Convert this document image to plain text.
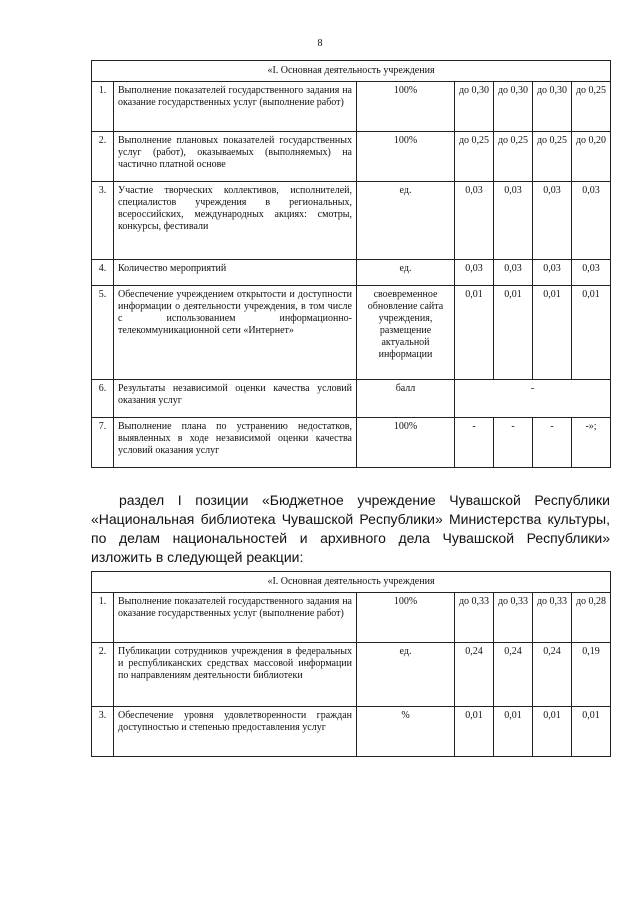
8
«I. Основная деятельность учреждения						
1.	Выполнение показателей государственного задания на оказание государственных услуг (выполнение работ)	100%	до 0,30	до 0,30	до 0,30	до 0,25
2.	Выполнение плановых показателей государственных услуг (работ), оказываемых (выполняемых) на частично платной основе	100%	до 0,25	до 0,25	до 0,25	до 0,20
3.	Участие творческих коллективов, исполнителей, специалистов учреждения в региональных, всероссийских, международных акциях: смотры, конкурсы, фестивали	ед.	0,03	0,03	0,03	0,03
4.	Количество мероприятий	ед.	0,03	0,03	0,03	0,03
5.	Обеспечение учреждением открытости и доступности информации о деятельности учреждения, в том числе с использованием информационно-телекоммуникационной сети «Интернет»	своевременное обновление сайта учреждения, размещение актуальной информации	0,01	0,01	0,01	0,01
6.	Результаты независимой оценки качества условий оказания услуг	балл	-			
7.	Выполнение плана по устранению недостатков, выявленных в ходе независимой оценки качества условий оказания услуг	100%	-	-	-	-»;

раздел I позиции «Бюджетное учреждение Чувашской Республики «Национальная библиотека Чувашской Республики» Министерства культуры, по делам национальностей и архивного дела Чувашской Республики» изложить в следующей реакции:

«I. Основная деятельность учреждения						
1.	Выполнение показателей государственного задания на оказание государственных услуг (выполнение работ)	100%	до 0,33	до 0,33	до 0,33	до 0,28
2.	Публикации сотрудников учреждения в федеральных и республиканских средствах массовой информации по направлениям деятельности библиотеки	ед.	0,24	0,24	0,24	0,19
3.	Обеспечение уровня удовлетворенности граждан доступностью и степенью предоставления услуг	%	0,01	0,01	0,01	0,01
